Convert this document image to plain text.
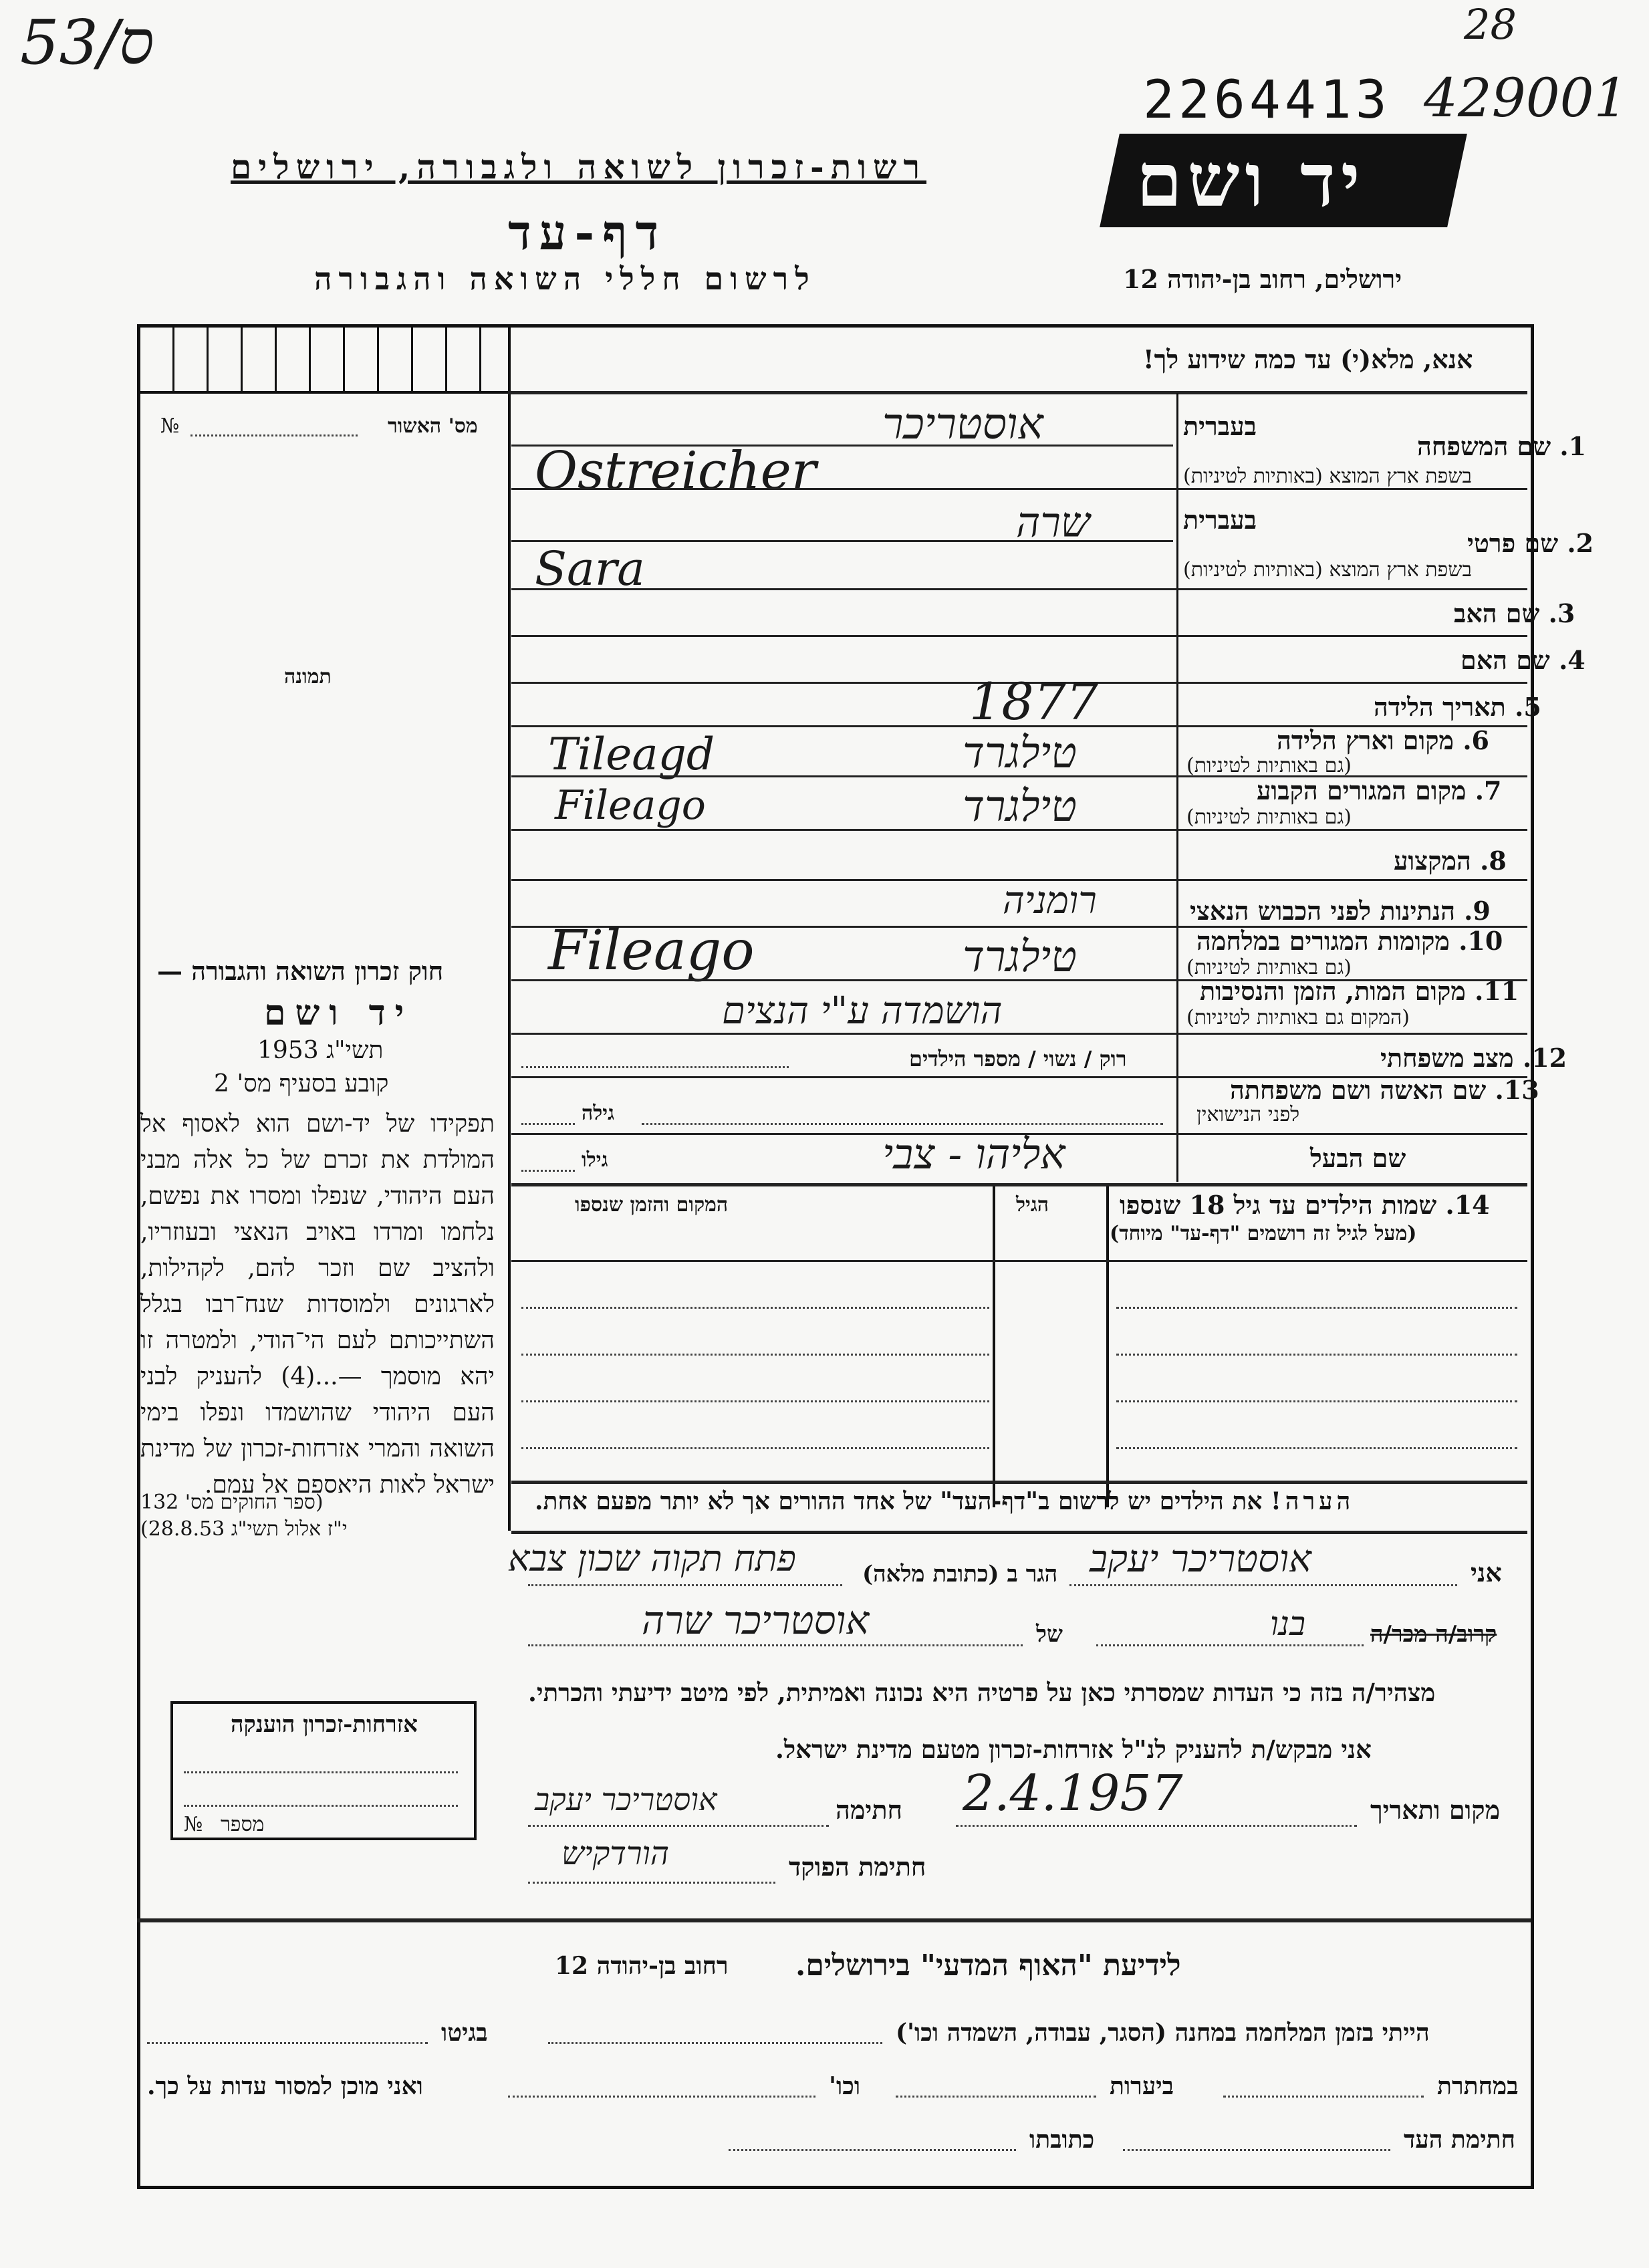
53/ס	28
2264413 429001
רשות-זכרון לשואה ולגבורה, ירושלים
דף-עד
לרשום חללי השואה והגבורה
יד ושם
ירושלים, רחוב בן-יהודה 12
מס' האשור
№
תמונה
חוק זכרון השואה והגבורה —
יד ושם
תשי"ג 1953
קובע בסעיף מס' 2
תפקידו של יד-ושם הוא לאסוף אל המולדת את זכרם של כל אלה מבני העם היהודי, שנפלו ומסרו את נפשם, נלחמו ומרדו באויב הנאצי ובעוזריו, ולהציב שם וזכר להם, לקהילות, לארגונים ולמוסדות שנח־רבו בגלל השתייכותם לעם הי־הודי, ולמטרה זו יהא מוסמך —...(4) להעניק לבני העם היהודי שהושמדו ונפלו בימי השואה והמרי אזרחות-זכרון של מדינת ישראל לאות היאספם אל עמם.
(ספר החוקים מס' 132
י"ז אלול תשי"ג 28.8.53)
אזרחות-זכרון הוענקה
מספר
№
אנא, מלא(י) עד כמה שידוע לך!
1. שם המשפחה
בשפת ארץ המוצא (באותיות לטיניות)
בעברית
אוסטריכר
Ostreicher
בעברית
2. שם פרטי
בשפת ארץ המוצא (באותיות לטיניות)
שרה
Sara
3. שם האב
4. שם האם
5. תאריך הלידה
1877
6. מקום וארץ הלידה
(גם באותיות לטיניות)
טילגרד
Tileagd
7. מקום המגורים הקבוע
(גם באותיות לטיניות)
טילגרד
Fileago
8. המקצוע
9. הנתינות לפני הכבוש הנאצי
רומניה
10. מקומות המגורים במלחמה
(גם באותיות לטיניות)
טילגרד
Fileago
11. מקום המות, הזמן והנסיבות
(המקום גם באותיות לטיניות)
הושמדה ע"י הנצים
12. מצב משפחתי
רוק / נשוי / מספר הילדים
13. שם האשה ושם משפחתה
לפני הנישואין
גילה
שם הבעל
אליהו - צבי
גילו
14. שמות הילדים עד גיל 18 שנספו
(מעל לגיל זה רושמים "דף-עד" מיוחד)
הגיל
המקום והזמן שנספו
הערה! את הילדים יש לרשום ב"דף-העד" של אחד ההורים אך לא יותר מפעם אחת.
אני
אוסטריכר יעקב
הגר ב (כתובת מלאה)
פתח תקוה שכון צבא
קרוב/ה מכר/ה
בנו
של
אוסטריכר שרה
מצהיר/ה בזה כי העדות שמסרתי כאן על פרטיה היא נכונה ואמיתית, לפי מיטב ידיעתי והכרתי.
אני מבקש/ת להעניק לנ"ל אזרחות-זכרון מטעם מדינת ישראל.
מקום ותאריך
2.4.1957
חתימה
אוסטריכר יעקב
חתימת הפוקד
הורדקיש
לידיעת "האוף המדעי" בירושלים.
רחוב בן-יהודה 12
הייתי בזמן המלחמה במחנה (הסגר, עבודה, השמדה וכו')
בגיטו
במחתרת
ביערות
וכו'
ואני מוכן למסור עדות על כך.
חתימת העד
כתובתו
